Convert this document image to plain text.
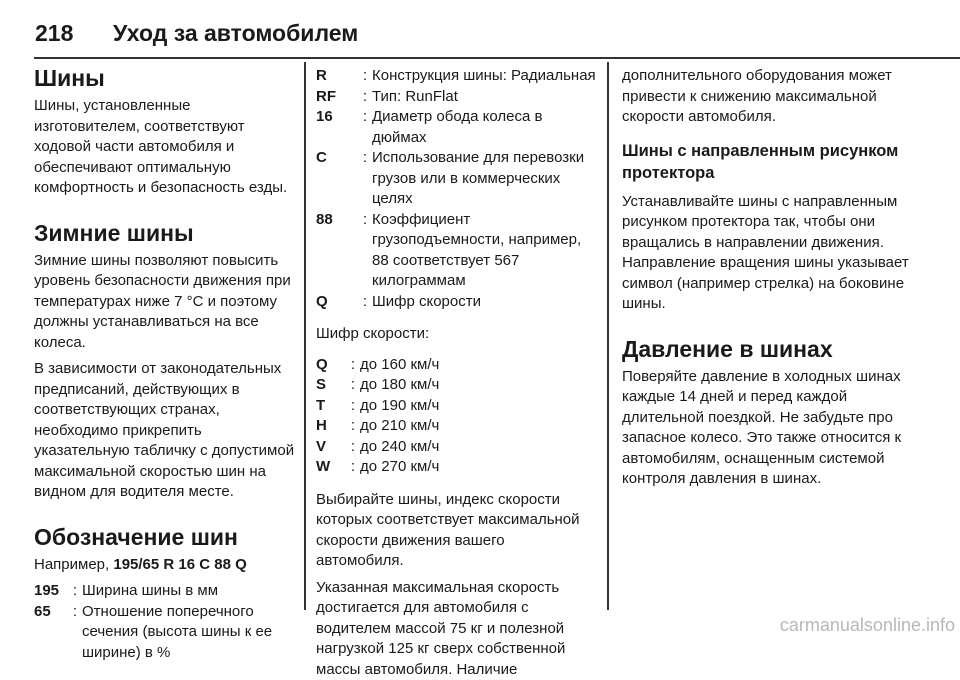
218 Уход за автомобилем
Шины

Шины, установленные изготовителем, соответствуют ходовой части автомобиля и обеспечивают оптимальную комфортность и безопасность езды.

Зимние шины

Зимние шины позволяют повысить уровень безопасности движения при температурах ниже 7 °C и поэтому должны устанавливаться на все колеса.

В зависимости от законодательных предписаний, действующих в соответствующих странах, необходимо прикрепить указательную табличку с допустимой максимальной скоростью шин на видном для водителя месте.

Обозначение шин

Например, 195/65 R 16 C 88 Q

195 : Ширина шины в мм
65	: Отношение поперечного сечения (высота шины к ее ширине) в %
R	: Конструкция шины: Радиальная
RF	: Тип: RunFlat
16	: Диаметр обода колеса в дюймах
C	: Использование для перевозки грузов или в коммерческих целях
88	: Коэффициент грузоподъемности, например, 88 соответствует 567 килограммам
Q	: Шифр скорости

Шифр скорости:

Q	: до 160 км/ч
S	: до 180 км/ч
T	: до 190 км/ч
H	: до 210 км/ч
V	: до 240 км/ч
W	: до 270 км/ч

Выбирайте шины, индекс скорости которых соответствует максимальной скорости движения вашего автомобиля.

Указанная максимальная скорость достигается для автомобиля с водителем массой 75 кг и полезной нагрузкой 125 кг сверх собственной массы автомобиля. Наличие

дополнительного оборудования может привести к снижению максимальной скорости автомобиля.

Шины с направленным рисунком протектора

Устанавливайте шины с направленным рисунком протектора так, чтобы они вращались в направлении движения. Направление вращения шины указывает символ (например стрелка) на боковине шины.

Давление в шинах

Поверяйте давление в холодных шинах каждые 14 дней и перед каждой длительной поездкой. Не забудьте про запасное колесо. Это также относится к автомобилям, оснащенным системой контроля давления в шинах.

carmanualsonline.info
